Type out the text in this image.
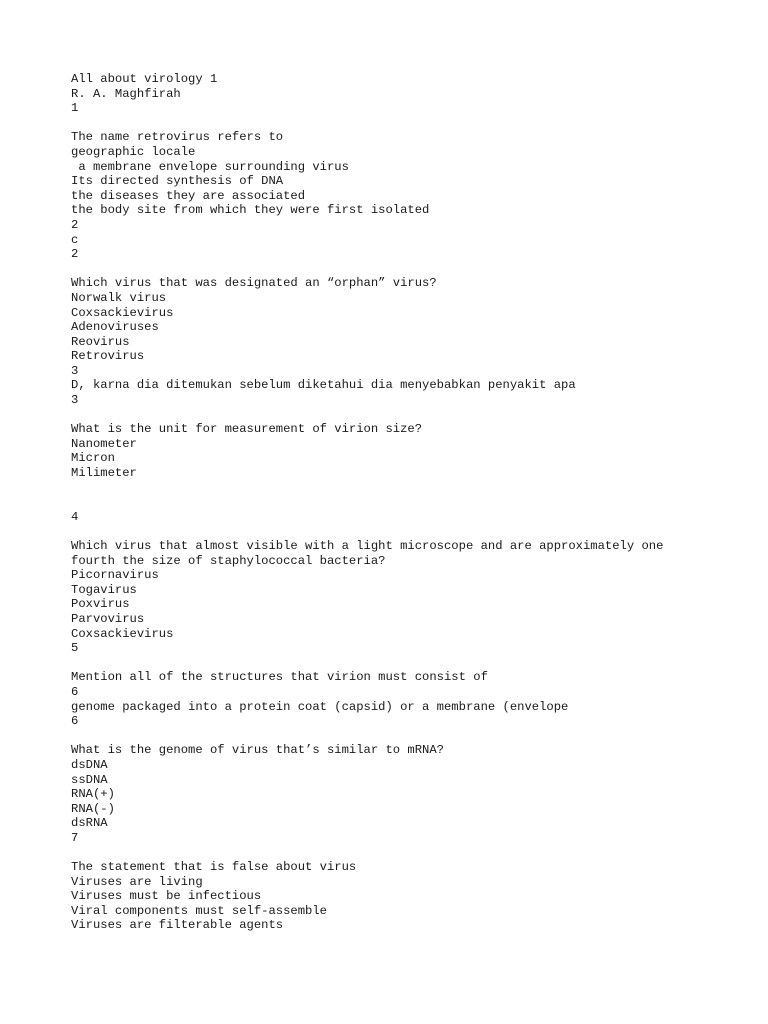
All about virology 1
R. A. Maghfirah
1
The name retrovirus refers to
geographic locale
a membrane envelope surrounding virus
Its directed synthesis of DNA
the diseases they are associated
the body site from which they were first isolated
2
c
2
Which virus that was designated an “orphan” virus?
Norwalk virus
Coxsackievirus
Adenoviruses
Reovirus
Retrovirus
3
D, karna dia ditemukan sebelum diketahui dia menyebabkan penyakit apa
3
What is the unit for measurement of virion size?
Nanometer
Micron
Milimeter
4
Which virus that almost visible with a light microscope and are approximately one
fourth the size of staphylococcal bacteria?
Picornavirus
Togavirus
Poxvirus
Parvovirus
Coxsackievirus
5
Mention all of the structures that virion must consist of
6
genome packaged into a protein coat (capsid) or a membrane (envelope
6
What is the genome of virus that’s similar to mRNA?
dsDNA
ssDNA
RNA(+)
RNA(-)
dsRNA
7
The statement that is false about virus
Viruses are living
Viruses must be infectious
Viral components must self-assemble
Viruses are filterable agents
